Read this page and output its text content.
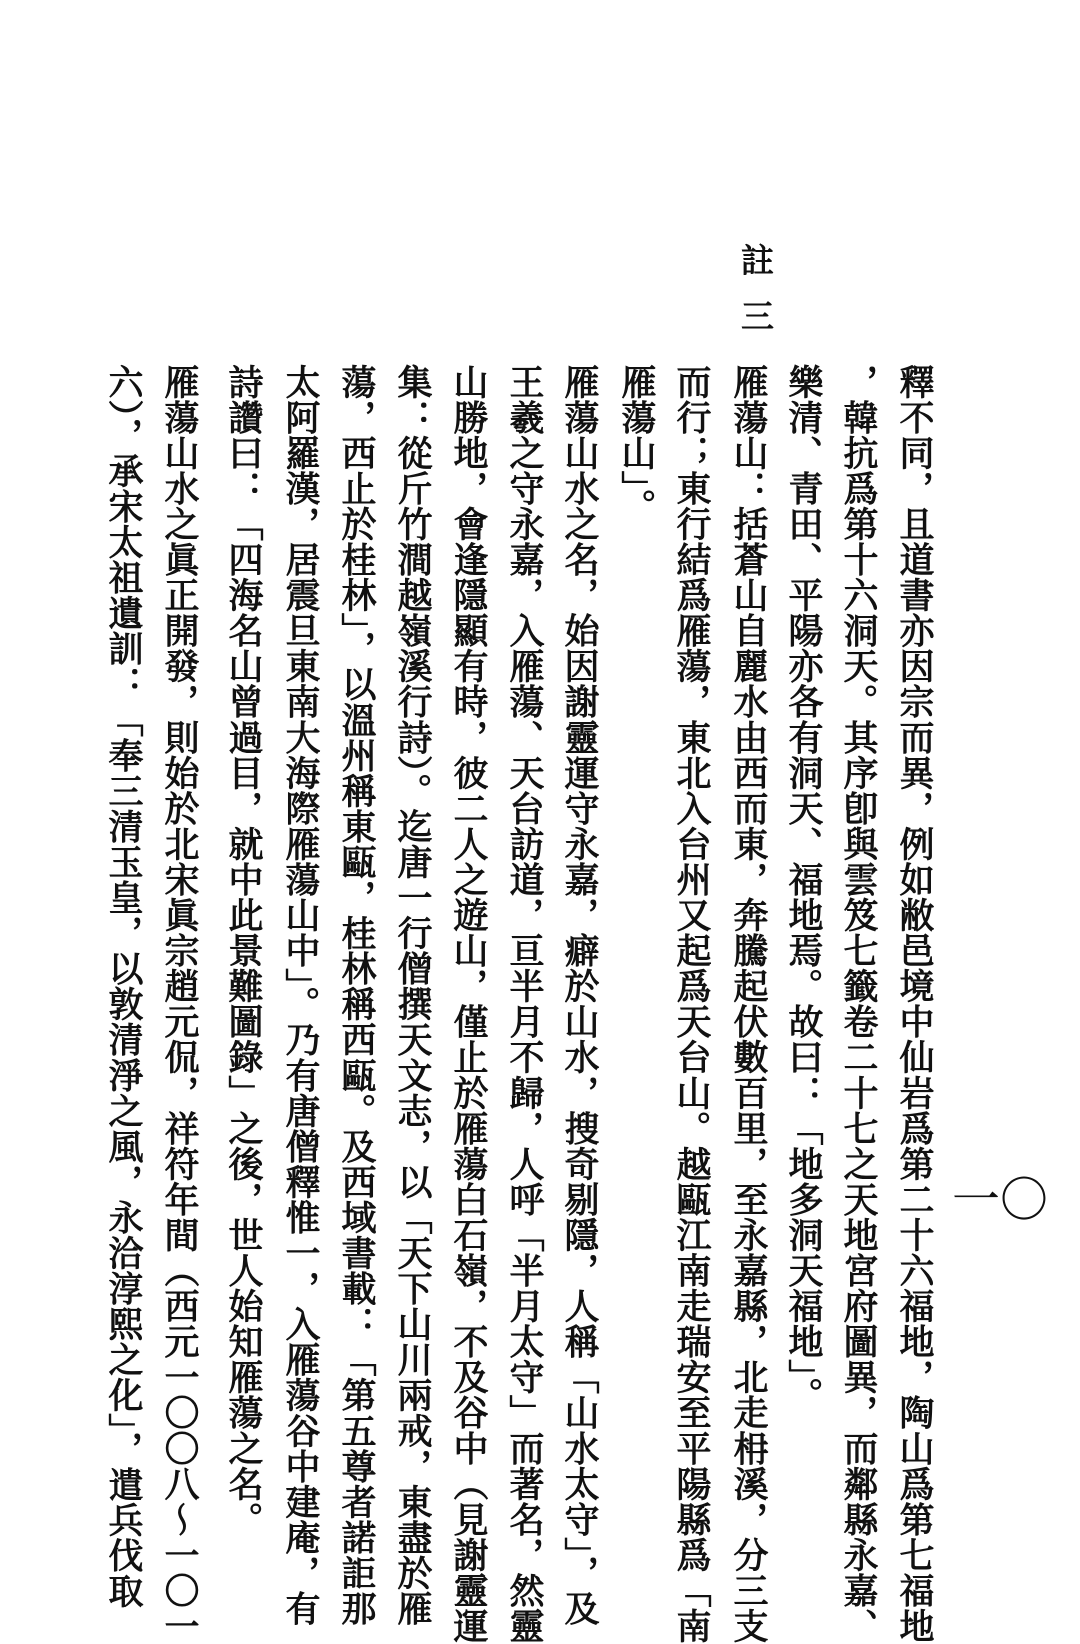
一〇
註
三
釋不同，且道書亦因宗而異，例如敝邑境中仙岩爲第二十六福地，陶山爲第七福地
，韓抗爲第十六洞天。其序卽與雲笈七籤卷二十七之天地宮府圖異，而鄰縣永嘉、
樂清、青田、平陽亦各有洞天、福地焉。故曰：「地多洞天福地」。
雁蕩山：括蒼山自麗水由西而東，奔騰起伏數百里，至永嘉縣，北走枏溪，分三支
而行；東行結爲雁蕩，東北入台州又起爲天台山。越甌江南走瑞安至平陽縣爲「南
雁蕩山」。
雁蕩山水之名，始因謝靈運守永嘉，癖於山水，搜奇剔隱，人稱「山水太守」，及
王羲之守永嘉，入雁蕩、天台訪道，亘半月不歸，人呼「半月太守」而著名，然靈
山勝地，會逢隱顯有時，彼二人之遊山，僅止於雁蕩白石嶺，不及谷中（見謝靈運
集：從斤竹澗越嶺溪行詩）。迄唐一行僧撰天文志，以「天下山川兩戒，東盡於雁
蕩，西止於桂林」，以溫州稱東甌，桂林稱西甌。及西域書載：「第五尊者諾詎那
太阿羅漢，居震旦東南大海際雁蕩山中」。乃有唐僧釋惟一，入雁蕩谷中建庵，有
詩讚曰：「四海名山曾過目，就中此景難圖錄」之後，世人始知雁蕩之名。
雁蕩山水之眞正開發，則始於北宋眞宗趙元侃，祥符年間（西元一〇〇八～一〇一
六），承宋太祖遺訓：「奉三清玉皇，以敦清淨之風，永洽淳熙之化」，遣兵伐取
